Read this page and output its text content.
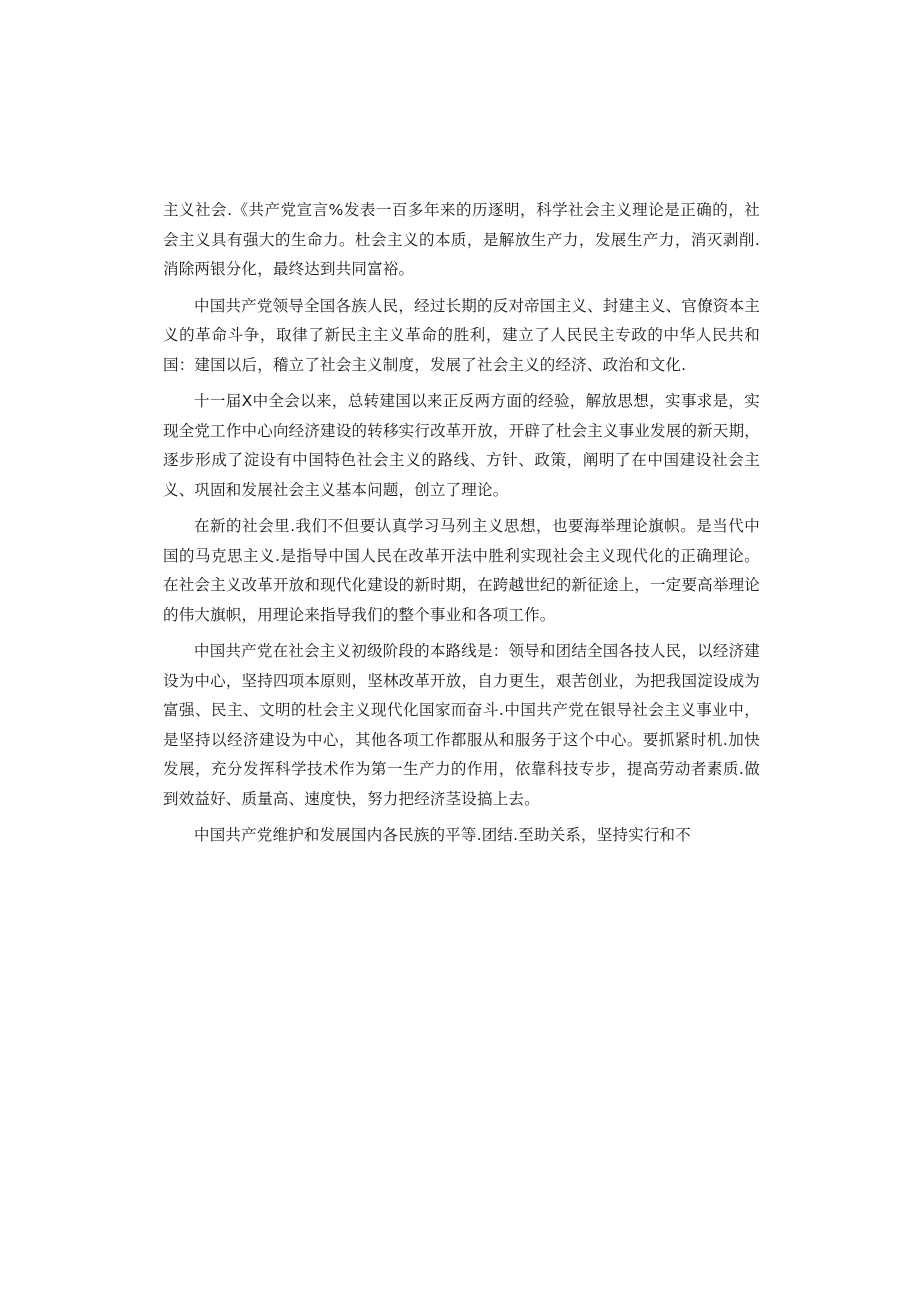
主义社会.《共产党宣言%发表一百多年来的历逐明，科学社会主义理论是正确的，社会主义具有强大的生命力。杜会主义的本质，是解放生产力，发展生产力，消灭剥削.消除两银分化，最终达到共同富裕。

中国共产党领导全国各族人民，经过长期的反对帝国主义、封建主义、官僚资本主义的革命斗争，取律了新民主主义革命的胜利，建立了人民民主专政的中华人民共和国：建国以后，稽立了社会主义制度，发展了社会主义的经济、政治和文化.

十一届X中全会以来，总转建国以来正反两方面的经验，解放思想，实事求是，实现全党工作中心向经济建设的转移实行改革开放，开辟了杜会主义事业发展的新天期，逐步形成了淀设有中国特色社会主义的路线、方针、政策，阐明了在中国建设社会主义、巩固和发展社会主义基本问题，创立了理论。

在新的社会里.我们不但要认真学习马列主义思想，也要海举理论旗帜。是当代中国的马克思主义.是指导中国人民在改革开法中胜利实现社会主义现代化的正确理论。在社会主义改革开放和现代化建设的新时期，在跨越世纪的新征途上，一定要高举理论的伟大旗帜，用理论来指导我们的整个事业和各项工作。

中国共产党在社会主义初级阶段的本路线是：领导和团结全国各技人民，以经济建设为中心，坚持四项本原则，坚林改革开放，自力更生，艰苦创业，为把我国淀设成为富强、民主、文明的杜会主义现代化国家而奋斗.中国共产党在银导社会主义事业中，是坚持以经济建设为中心，其他各项工作都服从和服务于这个中心。要抓紧时机.加快发展，充分发挥科学技术作为第一生产力的作用，依靠科技专步，提高劳动者素质.做到效益好、质量高、速度快，努力把经济茎设搞上去。

中国共产党维护和发展国内各民族的平等.团结.至助关系，坚持实行和不
